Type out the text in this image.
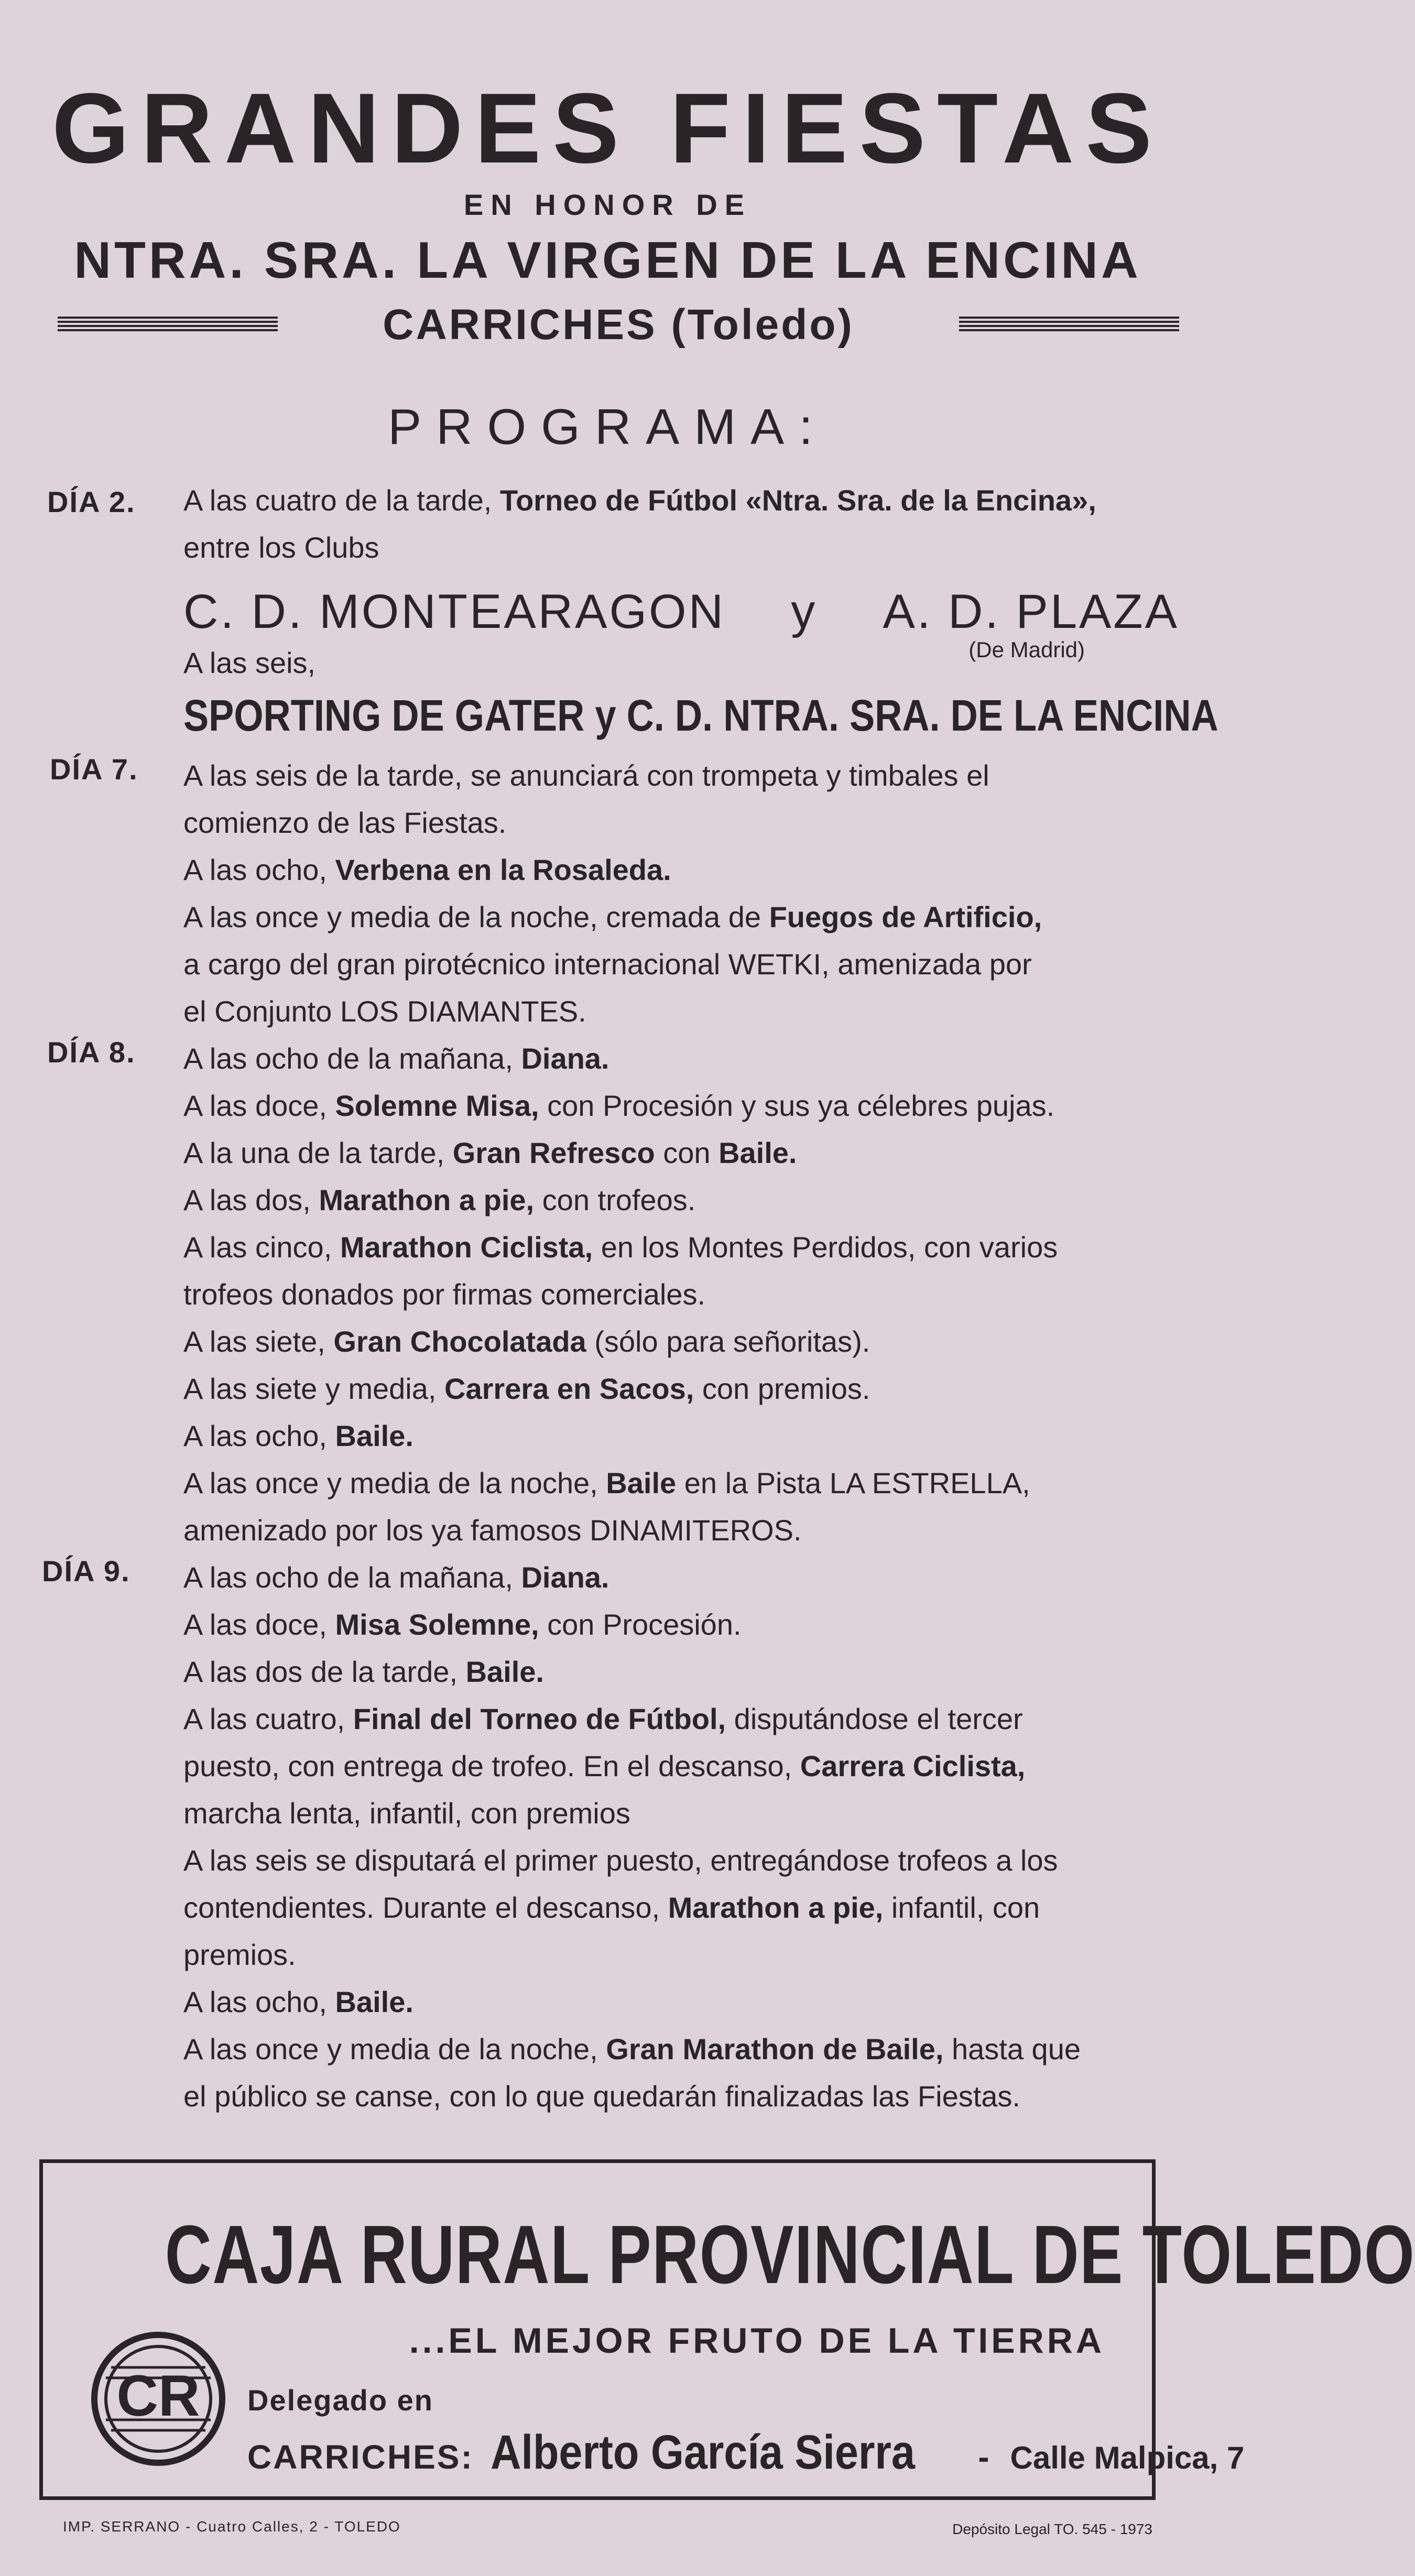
GRANDES FIESTAS
EN HONOR DE
NTRA. SRA. LA VIRGEN DE LA ENCINA
CARRICHES (Toledo)
PROGRAMA:
DÍA 2. A las cuatro de la tarde, Torneo de Fútbol «Ntra. Sra. de la Encina»,
entre los Clubs
C. D. MONTEARAGON y A. D. PLAZA
A las seis,	(De Madrid)
SPORTING DE GATER y C. D. NTRA. SRA. DE LA ENCINA
DÍA 7. A las seis de la tarde, se anunciará con trompeta y timbales el
comienzo de las Fiestas.
A las ocho, Verbena en la Rosaleda.
A las once y media de la noche, cremada de Fuegos de Artificio,
a cargo del gran pirotécnico internacional WETKI, amenizada por
el Conjunto LOS DIAMANTES.
DÍA 8. A las ocho de la mañana, Diana.
A las doce, Solemne Misa, con Procesión y sus ya célebres pujas.
A la una de la tarde, Gran Refresco con Baile.
A las dos, Marathon a pie, con trofeos.
A las cinco, Marathon Ciclista, en los Montes Perdidos, con varios
trofeos donados por firmas comerciales.
A las siete, Gran Chocolatada (sólo para señoritas).
A las siete y media, Carrera en Sacos, con premios.
A las ocho, Baile.
A las once y media de la noche, Baile en la Pista LA ESTRELLA,
amenizado por los ya famosos DINAMITEROS.
DÍA 9. A las ocho de la mañana, Diana.
A las doce, Misa Solemne, con Procesión.
A las dos de la tarde, Baile.
A las cuatro, Final del Torneo de Fútbol, disputándose el tercer
puesto, con entrega de trofeo. En el descanso, Carrera Ciclista,
marcha lenta, infantil, con premios
A las seis se disputará el primer puesto, entregándose trofeos a los
contendientes. Durante el descanso, Marathon a pie, infantil, con
premios.
A las ocho, Baile.
A las once y media de la noche, Gran Marathon de Baile, hasta que
el público se canse, con lo que quedarán finalizadas las Fiestas.
CAJA RURAL PROVINCIAL DE TOLEDO
...EL MEJOR FRUTO DE LA TIERRA
CR Delegado en
CARRICHES: Alberto García Sierra - Calle Malpica, 7
IMP. SERRANO - Cuatro Calles, 2 - TOLEDO	Depósito Legal TO. 545 - 1973
